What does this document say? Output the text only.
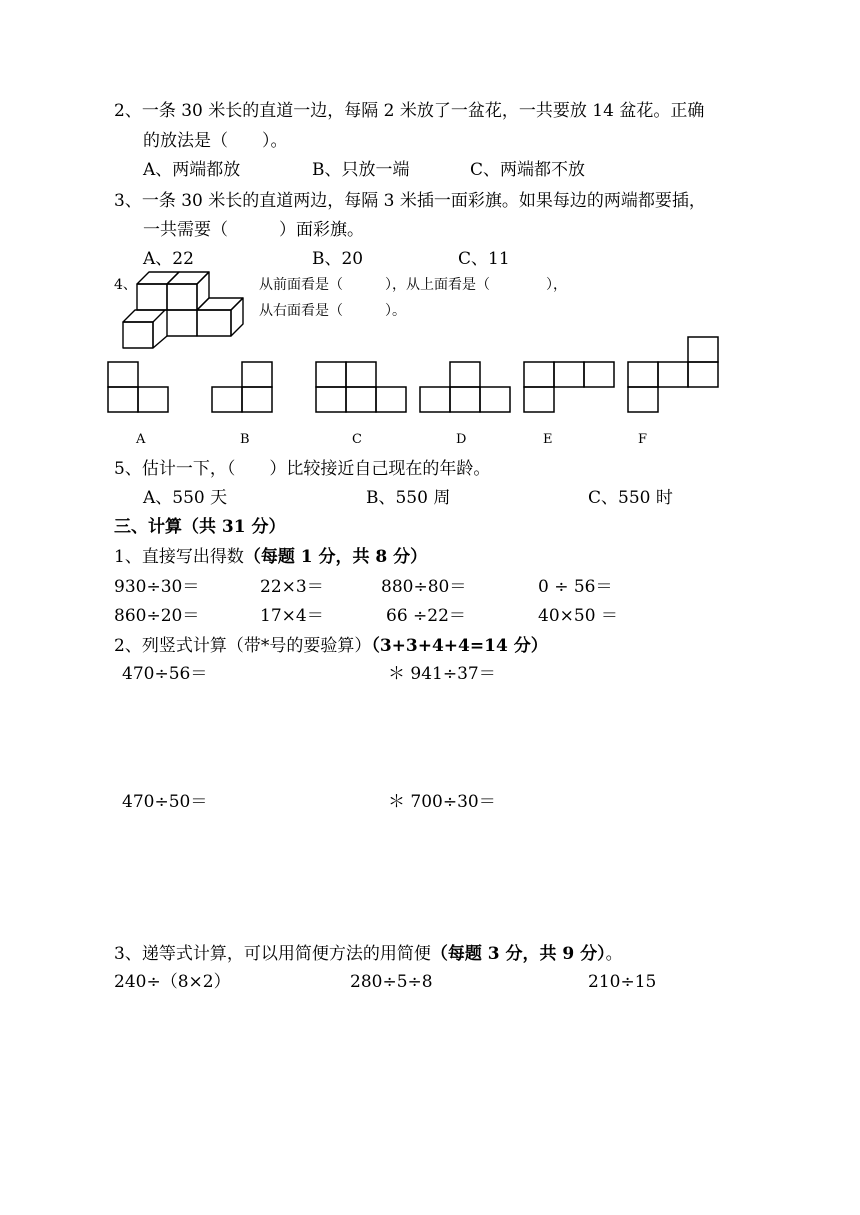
2、一条 30 米长的直道一边，每隔 2 米放了一盆花，一共要放 14 盆花。正确
的放法是（　　）。
A、两端都放	B、只放一端	C、两端都不放
3、一条 30 米长的直道两边，每隔 3 米插一面彩旗。如果每边的两端都要插，
一共需要（　　　）面彩旗。
A、22	B、20	C、11
4、	从前面看是（　　　），从上面看是（　　　　），
从右面看是（　　　）。
A	B	C	D	E	F
5、估计一下，（　　）比较接近自己现在的年龄。
A、550 天	B、550 周	C、550 时
三、计算（共 31 分）
1、直接写出得数（每题 1 分，共 8 分）
930÷30＝	22×3＝	880÷80＝	0 ÷ 56＝
860÷20＝	17×4＝	66 ÷22＝	40×50 ＝
2、列竖式计算（带*号的要验算）（3+3+4+4=14 分）
470÷56＝	＊ 941÷37＝
470÷50＝	＊ 700÷30＝
3、递等式计算，可以用简便方法的用简便（每题 3 分，共 9 分）。
240÷（8×2）	280÷5÷8	210÷15
